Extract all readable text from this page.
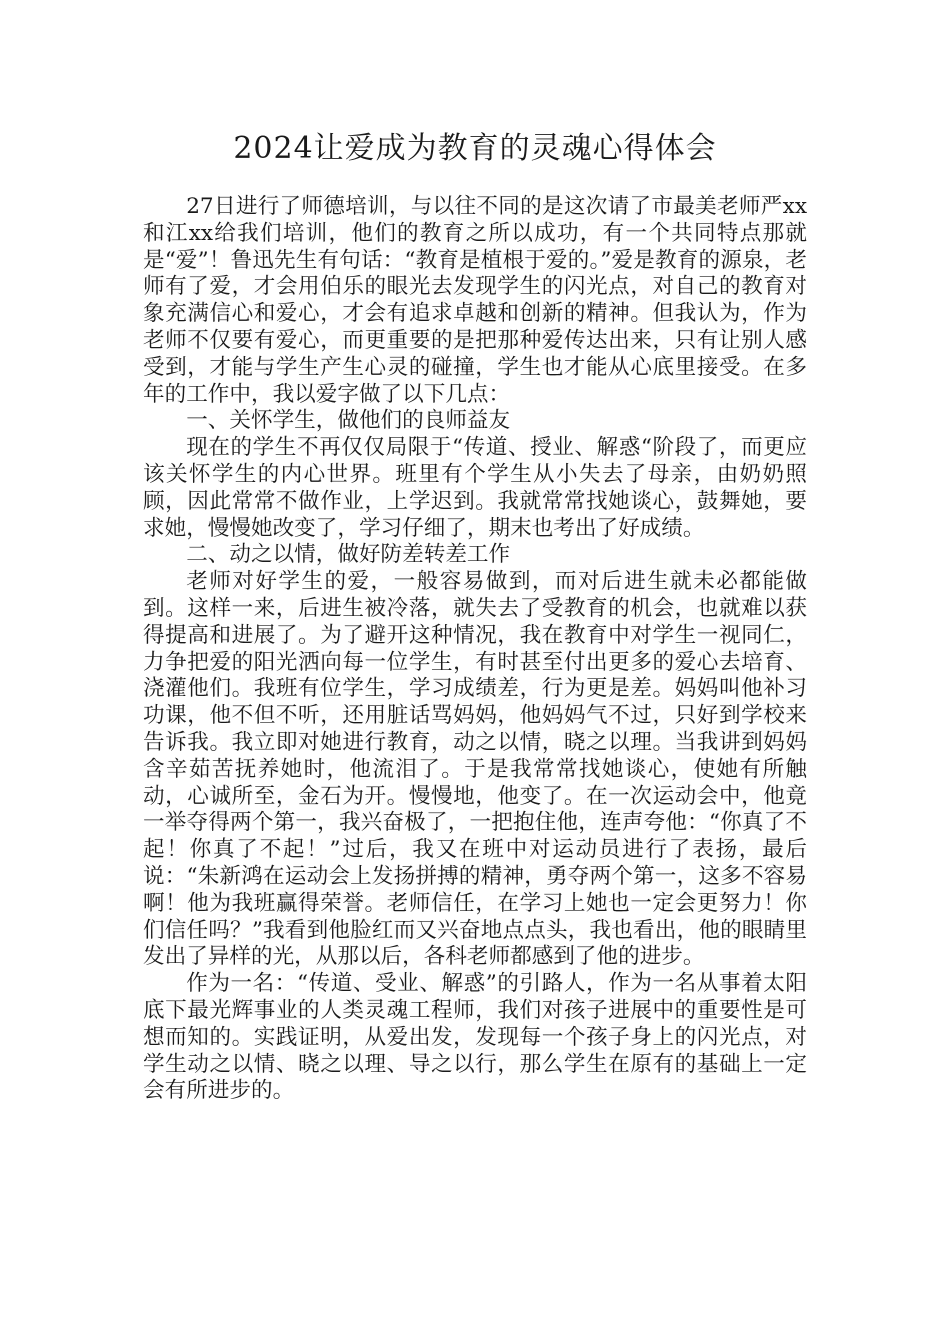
2024让爱成为教育的灵魂心得体会

27日进行了师德培训，与以往不同的是这次请了市最美老师严xx和江xx给我们培训，他们的教育之所以成功，有一个共同特点那就是“爱”！鲁迅先生有句话：“教育是植根于爱的。”爱是教育的源泉，老师有了爱，才会用伯乐的眼光去发现学生的闪光点，对自己的教育对象充满信心和爱心，才会有追求卓越和创新的精神。但我认为，作为老师不仅要有爱心，而更重要的是把那种爱传达出来，只有让别人感受到，才能与学生产生心灵的碰撞，学生也才能从心底里接受。在多年的工作中，我以爱字做了以下几点：

一、关怀学生，做他们的良师益友

现在的学生不再仅仅局限于“传道、授业、解惑“阶段了，而更应该关怀学生的内心世界。班里有个学生从小失去了母亲，由奶奶照顾，因此常常不做作业，上学迟到。我就常常找她谈心，鼓舞她，要求她，慢慢她改变了，学习仔细了，期末也考出了好成绩。

二、动之以情，做好防差转差工作

老师对好学生的爱，一般容易做到，而对后进生就未必都能做到。这样一来，后进生被冷落，就失去了受教育的机会，也就难以获得提高和进展了。为了避开这种情况，我在教育中对学生一视同仁，力争把爱的阳光洒向每一位学生，有时甚至付出更多的爱心去培育、浇灌他们。我班有位学生，学习成绩差，行为更是差。妈妈叫他补习功课，他不但不听，还用脏话骂妈妈，他妈妈气不过，只好到学校来告诉我。我立即对她进行教育，动之以情，晓之以理。当我讲到妈妈含辛茹苦抚养她时，他流泪了。于是我常常找她谈心，使她有所触动，心诚所至，金石为开。慢慢地，他变了。在一次运动会中，他竟一举夺得两个第一，我兴奋极了，一把抱住他，连声夸他：“你真了不起！你真了不起！”过后，我又在班中对运动员进行了表扬，最后说：“朱新鸿在运动会上发扬拼搏的精神，勇夺两个第一，这多不容易啊！他为我班赢得荣誉。老师信任，在学习上她也一定会更努力！你们信任吗？”我看到他脸红而又兴奋地点点头，我也看出，他的眼睛里发出了异样的光，从那以后，各科老师都感到了他的进步。

作为一名：“传道、受业、解惑”的引路人，作为一名从事着太阳底下最光辉事业的人类灵魂工程师，我们对孩子进展中的重要性是可想而知的。实践证明，从爱出发，发现每一个孩子身上的闪光点，对学生动之以情、晓之以理、导之以行，那么学生在原有的基础上一定会有所进步的。
